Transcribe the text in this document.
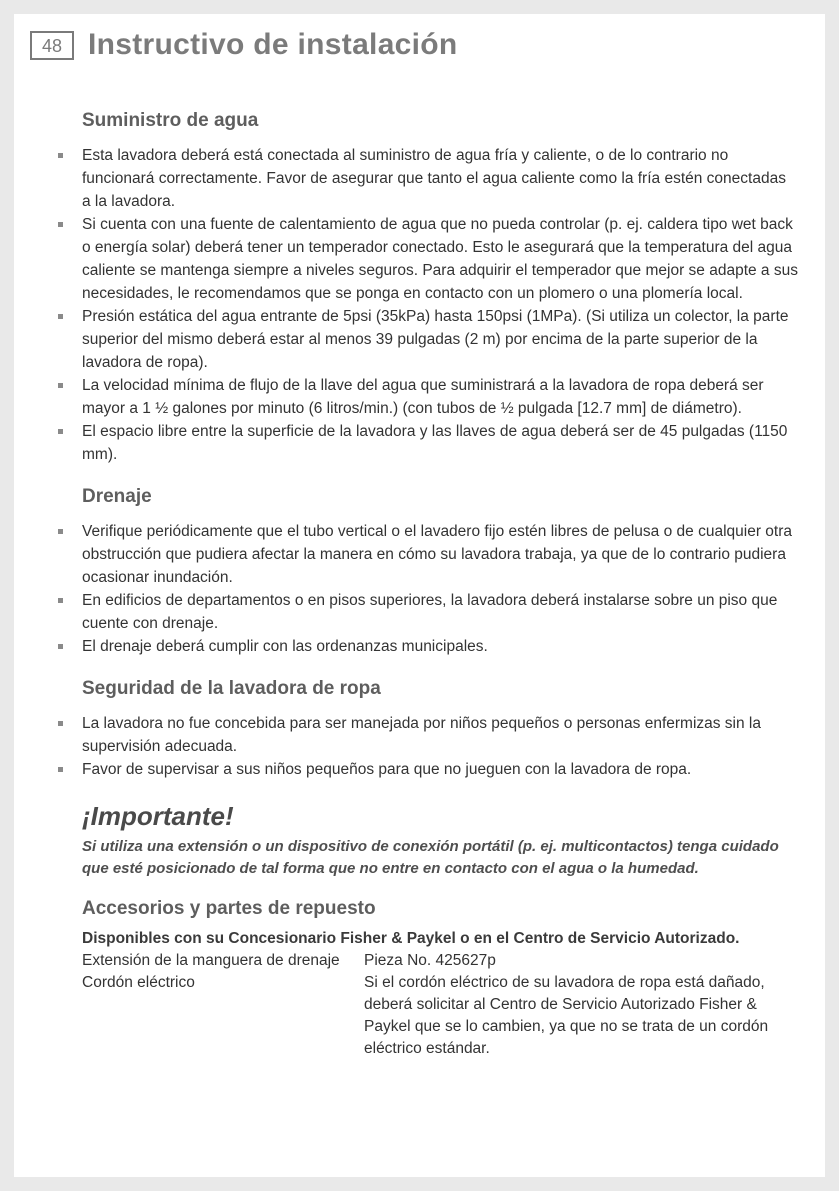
48 Instructivo de instalación
Suministro de agua
Esta lavadora deberá está conectada al suministro de agua fría y caliente, o de lo contrario no funcionará correctamente. Favor de asegurar que tanto el agua caliente como la fría estén conectadas a la lavadora.
Si cuenta con una fuente de calentamiento de agua que no pueda controlar (p. ej. caldera tipo wet back o energía solar) deberá tener un temperador conectado. Esto le asegurará que la temperatura del agua caliente se mantenga siempre a niveles seguros. Para adquirir el temperador que mejor se adapte a sus necesidades, le recomendamos que se ponga en contacto con un plomero o una plomería local.
Presión estática del agua entrante de 5psi (35kPa) hasta 150psi (1MPa). (Si utiliza un colector, la parte superior del mismo deberá estar al menos 39 pulgadas (2 m) por encima de la parte superior de la lavadora de ropa).
La velocidad mínima de flujo de la llave del agua que suministrará a la lavadora de ropa deberá ser mayor a 1 ½ galones por minuto (6 litros/min.) (con tubos de ½ pulgada [12.7 mm] de diámetro).
El espacio libre entre la superficie de la lavadora y las llaves de agua deberá ser de 45 pulgadas (1150 mm).
Drenaje
Verifique periódicamente que el tubo vertical o el lavadero fijo estén libres de pelusa o de cualquier otra obstrucción que pudiera afectar la manera en cómo su lavadora trabaja, ya que de lo contrario pudiera ocasionar inundación.
En edificios de departamentos o en pisos superiores, la lavadora deberá instalarse sobre un piso que cuente con drenaje.
El drenaje deberá cumplir con las ordenanzas municipales.
Seguridad de la lavadora de ropa
La lavadora no fue concebida para ser manejada por niños pequeños o personas enfermizas sin la supervisión adecuada.
Favor de supervisar a sus niños pequeños para que no jueguen con la lavadora de ropa.
¡Importante!
Si utiliza una extensión o un dispositivo de conexión portátil (p. ej. multicontactos) tenga cuidado que esté posicionado de tal forma que no entre en contacto con el agua o la humedad.
Accesorios y partes de repuesto
Disponibles con su Concesionario Fisher & Paykel o en el Centro de Servicio Autorizado.
Extensión de la manguera de drenaje	Pieza No. 425627p
Cordón eléctrico	Si el cordón eléctrico de su lavadora de ropa está dañado, deberá solicitar al Centro de Servicio Autorizado Fisher & Paykel que se lo cambien, ya que no se trata de un cordón eléctrico estándar.
